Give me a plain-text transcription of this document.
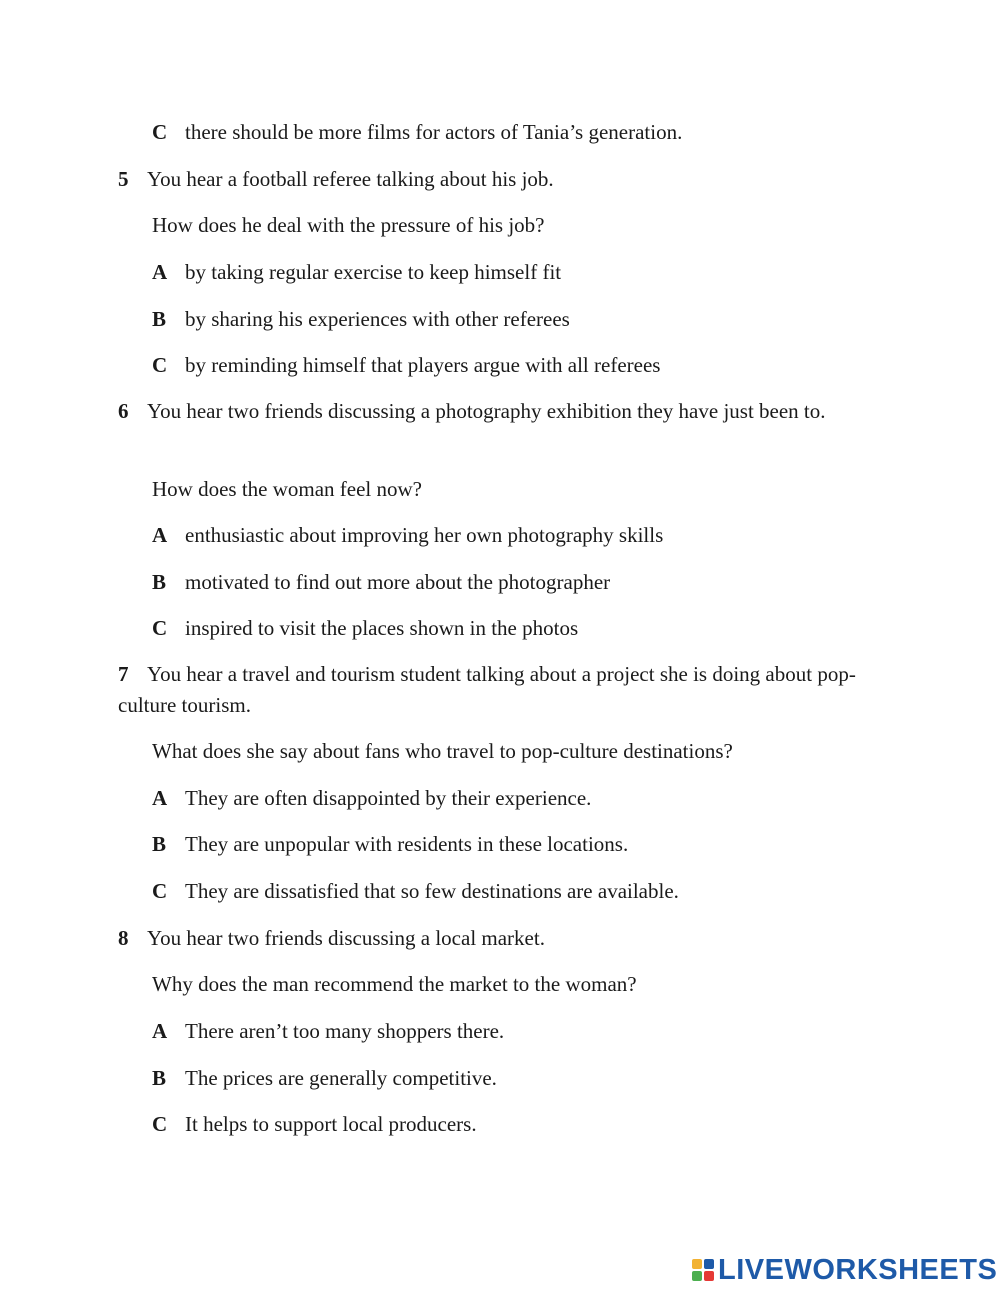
C there should be more films for actors of Tania’s generation.
5 You hear a football referee talking about his job.
How does he deal with the pressure of his job?
A by taking regular exercise to keep himself fit
B by sharing his experiences with other referees
C by reminding himself that players argue with all referees
6 You hear two friends discussing a photography exhibition they have just been to.
How does the woman feel now?
A enthusiastic about improving her own photography skills
B motivated to find out more about the photographer
C inspired to visit the places shown in the photos
7 You hear a travel and tourism student talking about a project she is doing about pop-culture tourism.
What does she say about fans who travel to pop-culture destinations?
A They are often disappointed by their experience.
B They are unpopular with residents in these locations.
C They are dissatisfied that so few destinations are available.
8 You hear two friends discussing a local market.
Why does the man recommend the market to the woman?
A There aren’t too many shoppers there.
B The prices are generally competitive.
C It helps to support local producers.
LIVEWORKSHEETS
